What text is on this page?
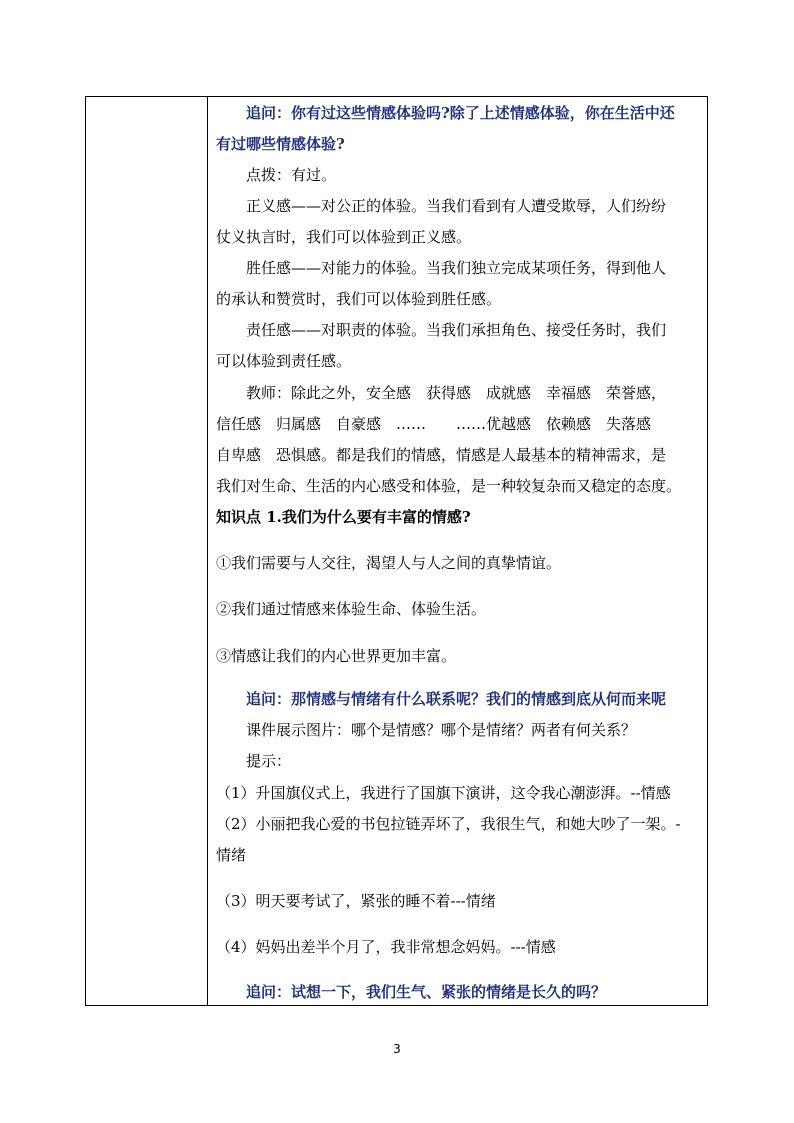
追问：你有过这些情感体验吗?除了上述情感体验，你在生活中还
有过哪些情感体验?
点拨：有过。
正义感——对公正的体验。当我们看到有人遭受欺辱，人们纷纷
仗义执言时，我们可以体验到正义感。
胜任感——对能力的体验。当我们独立完成某项任务，得到他人
的承认和赞赏时，我们可以体验到胜任感。
责任感——对职责的体验。当我们承担角色、接受任务时，我们
可以体验到责任感。
教师：除此之外，安全感　获得感　成就感　幸福感　荣誉感，
信任感　归属感　自豪感　……　　……优越感　依赖感　失落感
自卑感　恐惧感。都是我们的情感，情感是人最基本的精神需求，是
我们对生命、生活的内心感受和体验，是一种较复杂而又稳定的态度。
知识点 1.我们为什么要有丰富的情感?
①我们需要与人交往，渴望人与人之间的真挚情谊。
②我们通过情感来体验生命、体验生活。
③情感让我们的内心世界更加丰富。
追问：那情感与情绪有什么联系呢？我们的情感到底从何而来呢
课件展示图片：哪个是情感？哪个是情绪？两者有何关系？
提示：
（1）升国旗仪式上，我进行了国旗下演讲，这令我心潮澎湃。--情感
（2）小丽把我心爱的书包拉链弄坏了，我很生气，和她大吵了一架。-
情绪
（3）明天要考试了，紧张的睡不着---情绪
（4）妈妈出差半个月了，我非常想念妈妈。---情感
追问：试想一下，我们生气、紧张的情绪是长久的吗？
3
